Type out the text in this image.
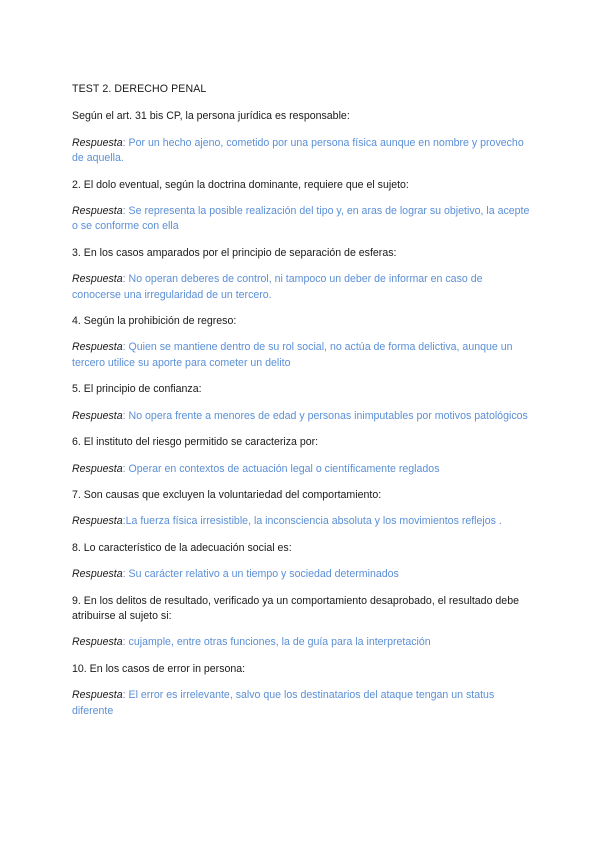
TEST 2. DERECHO PENAL

Según el art. 31 bis CP, la persona jurídica es responsable:

Respuesta: Por un hecho ajeno, cometido por una persona física aunque en nombre y provecho de aquella.

2. El dolo eventual, según la doctrina dominante, requiere que el sujeto:

Respuesta: Se representa la posible realización del tipo y, en aras de lograr su objetivo, la acepte o se conforme con ella

3. En los casos amparados por el principio de separación de esferas:

Respuesta: No operan deberes de control, ni tampoco un deber de informar en caso de conocerse una irregularidad de un tercero.

4. Según la prohibición de regreso:

Respuesta: Quien se mantiene dentro de su rol social, no actúa de forma delictiva, aunque un tercero utilice su aporte para cometer un delito

5. El principio de confianza:

Respuesta: No opera frente a menores de edad y personas inimputables por motivos patológicos

6. El instituto del riesgo permitido se caracteriza por:

Respuesta: Operar en contextos de actuación legal o científicamente reglados

7. Son causas que excluyen la voluntariedad del comportamiento:

Respuesta:La fuerza física irresistible, la inconsciencia absoluta y los movimientos reflejos .

8. Lo característico de la adecuación social es:

Respuesta: Su carácter relativo a un tiempo y sociedad determinados

9. En los delitos de resultado, verificado ya un comportamiento desaprobado, el resultado debe atribuirse al sujeto si:

Respuesta: cujample, entre otras funciones, la de guía para la interpretación

10. En los casos de error in persona:

Respuesta: El error es irrelevante, salvo que los destinatarios del ataque tengan un status diferente
